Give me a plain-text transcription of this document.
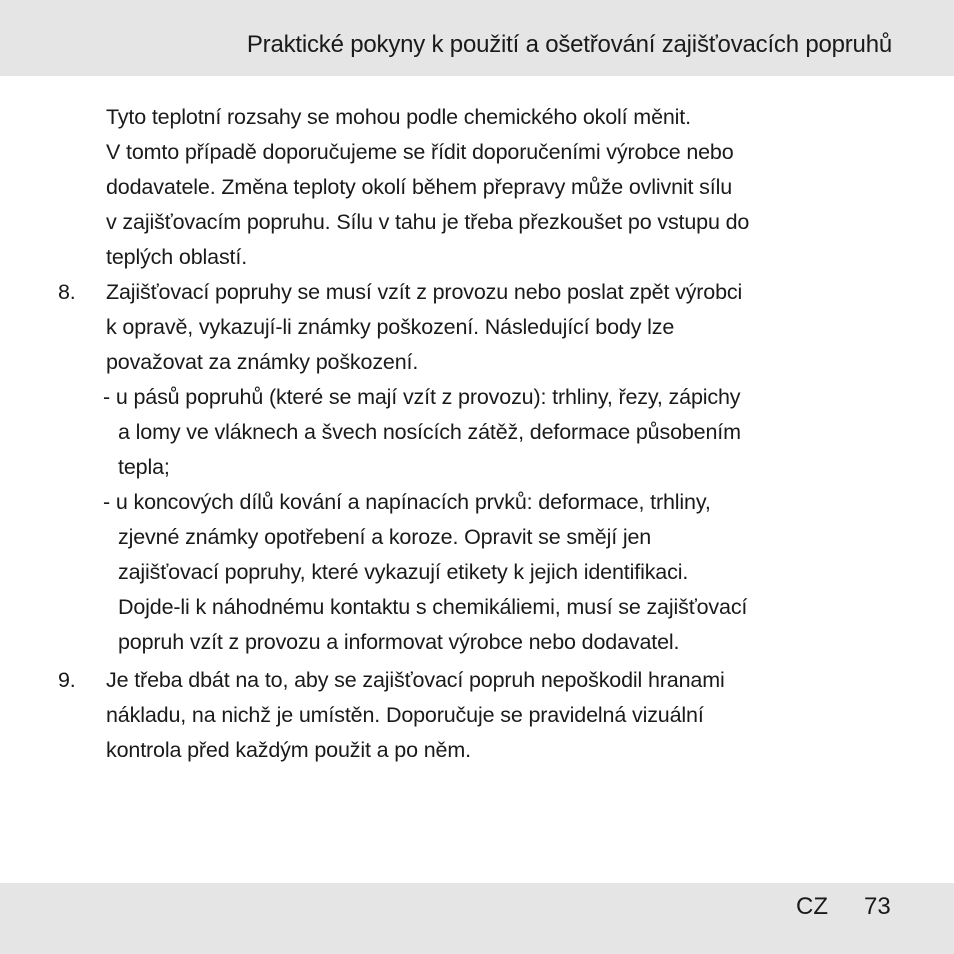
Praktické pokyny k použití a ošetřování zajišťovacích popruhů
Tyto teplotní rozsahy se mohou podle chemického okolí měnit.
V tomto případě doporučujeme se řídit doporučeními výrobce nebo
dodavatele. Změna teploty okolí během přepravy může ovlivnit sílu
v zajišťovacím popruhu. Sílu v tahu je třeba přezkoušet po vstupu do
teplých oblastí.
8. Zajišťovací popruhy se musí vzít z provozu nebo poslat zpět výrobci
k opravě, vykazují-li známky poškození. Následující body lze
považovat za známky poškození.
- u pásů popruhů (které se mají vzít z provozu): trhliny, řezy, zápichy
a lomy ve vláknech a švech nosících zátěž, deformace působením
tepla;
- u koncových dílů kování a napínacích prvků: deformace, trhliny,
zjevné známky opotřebení a koroze. Opravit se smějí jen
zajišťovací popruhy, které vykazují etikety k jejich identifikaci.
Dojde-li k náhodnému kontaktu s chemikáliemi, musí se zajišťovací
popruh vzít z provozu a informovat výrobce nebo dodavatel.
9. Je třeba dbát na to, aby se zajišťovací popruh nepoškodil hranami
nákladu, na nichž je umístěn. Doporučuje se pravidelná vizuální
kontrola před každým použit a po něm.
CZ 73
